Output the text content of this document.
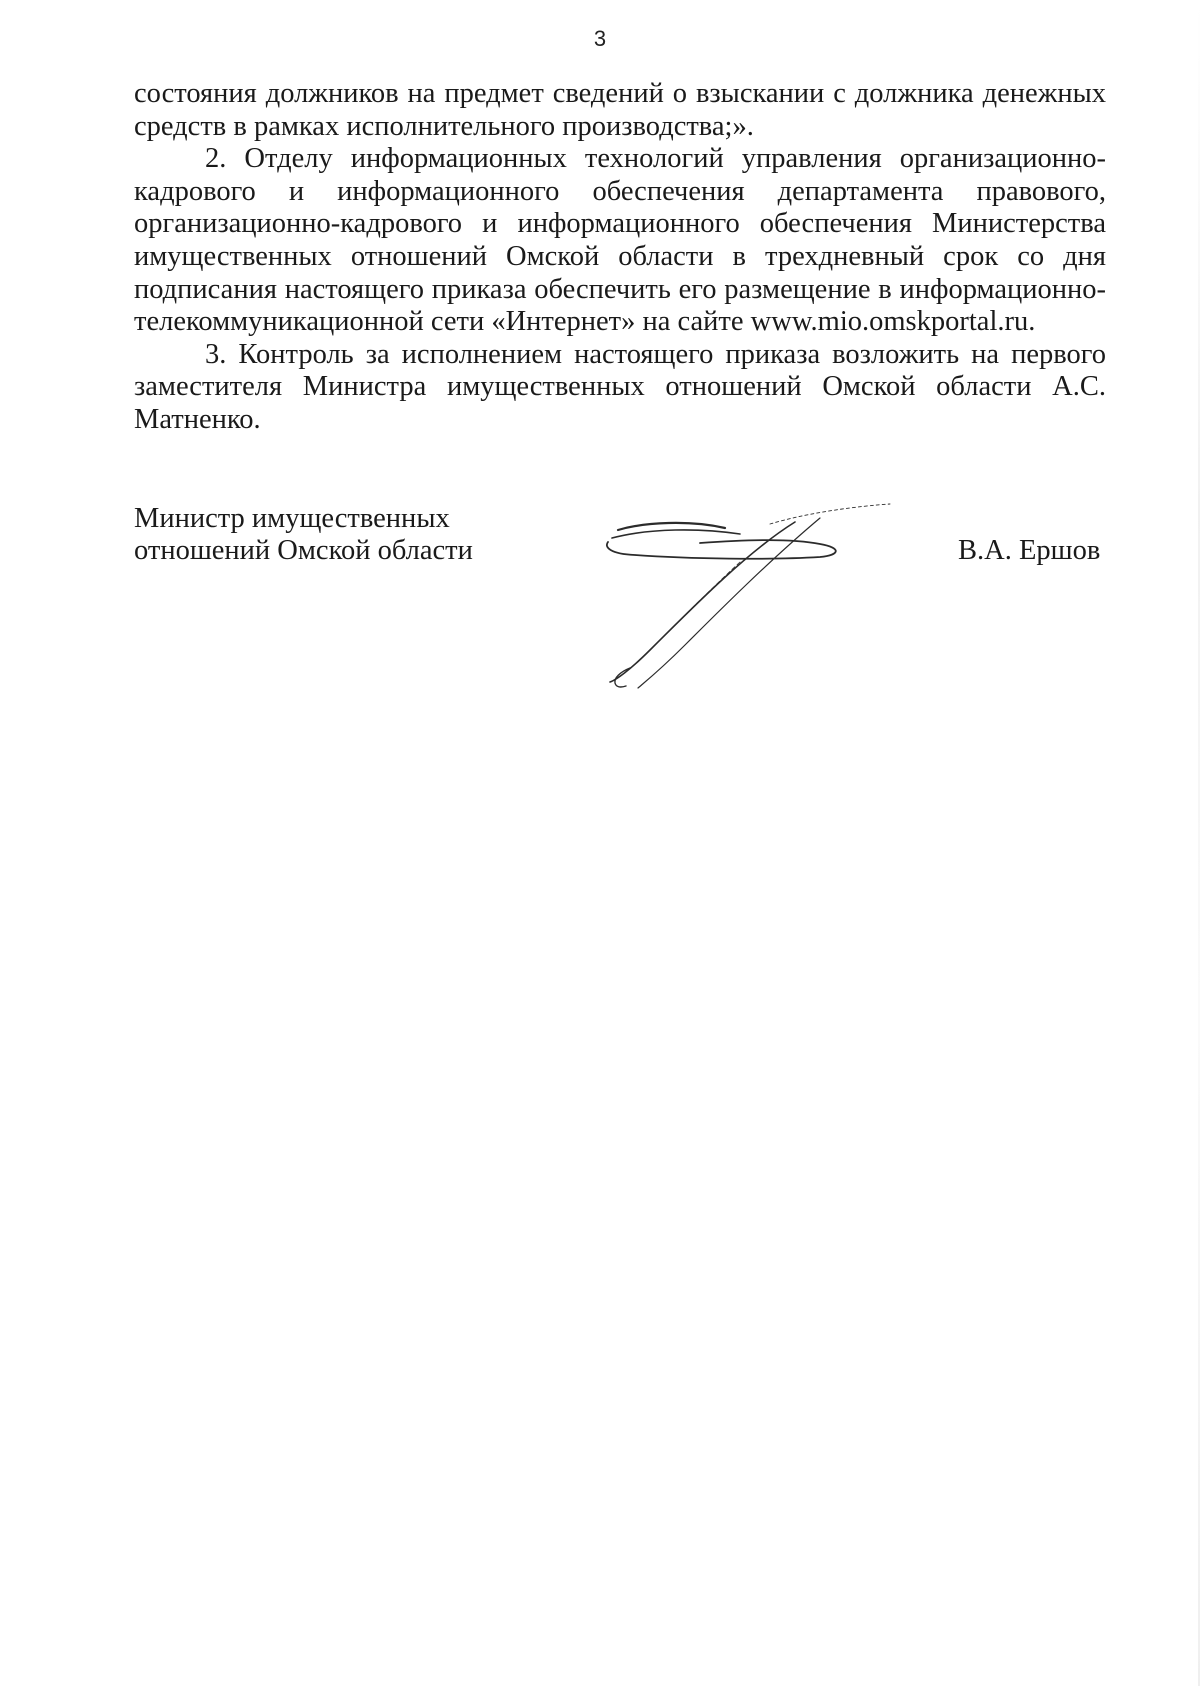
3

состояния должников на предмет сведений о взыскании с должника денежных средств в рамках исполнительного производства;».

2. Отделу информационных технологий управления организационно-кадрового и информационного обеспечения департамента правового, организационно-кадрового и информационного обеспечения Министерства имущественных отношений Омской области в трехдневный срок со дня подписания настоящего приказа обеспечить его размещение в информационно-телекоммуникационной сети «Интернет» на сайте www.mio.omskportal.ru.

3. Контроль за исполнением настоящего приказа возложить на первого заместителя Министра имущественных отношений Омской области А.С. Матненко.

Министр имущественных
отношений Омской области	В.А. Ершов
